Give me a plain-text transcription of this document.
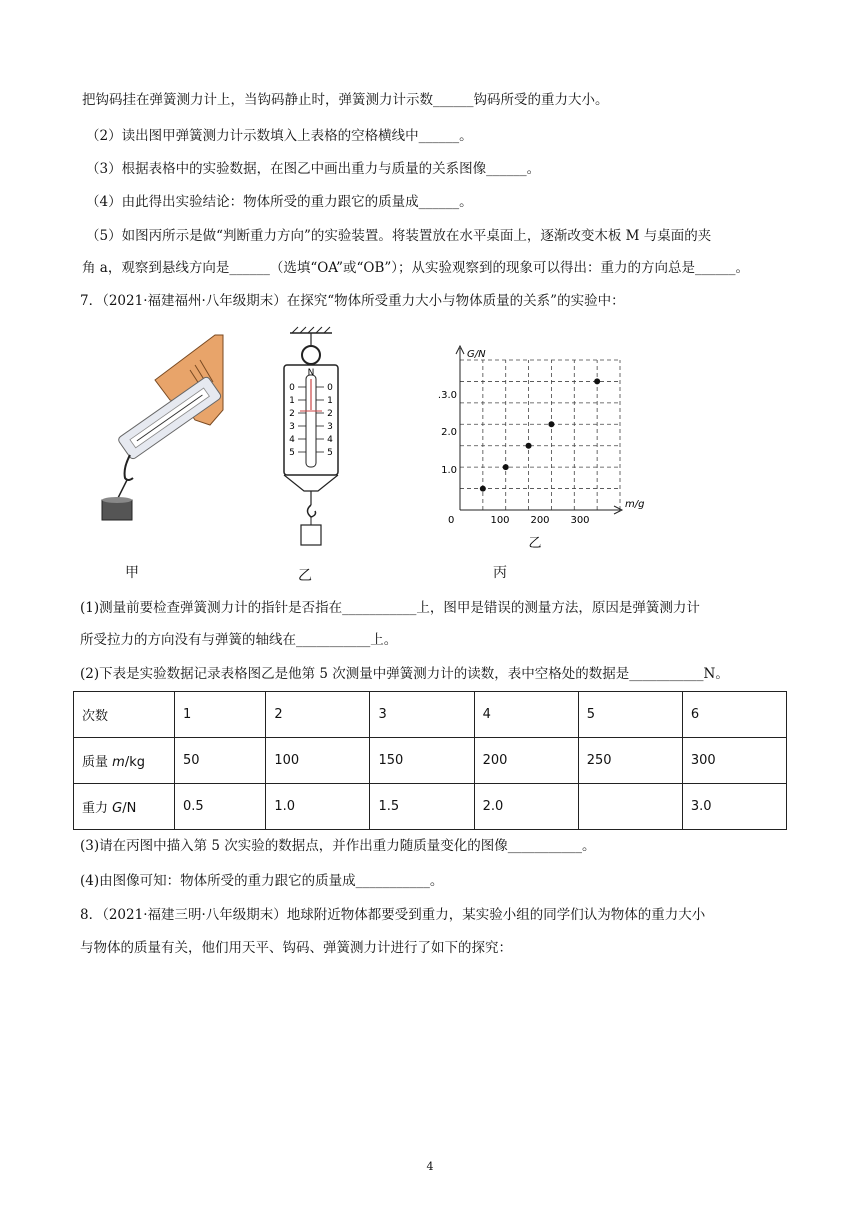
把钩码挂在弹簧测力计上，当钩码静止时，弹簧测力计示数______钩码所受的重力大小。
（2）读出图甲弹簧测力计示数填入上表格的空格横线中______。
（3）根据表格中的实验数据，在图乙中画出重力与质量的关系图像______。
（4）由此得出实验结论：物体所受的重力跟它的质量成______。
（5）如图丙所示是做“判断重力方向”的实验装置。将装置放在水平桌面上，逐渐改变木板 M 与桌面的夹
角 a，观察到悬线方向是______（选填“OA”或“OB”）；从实验观察到的现象可以得出：重力的方向总是______。
7．（2021·福建福州·八年级期末）在探究“物体所受重力大小与物体质量的关系”的实验中：
N
0
1
2
3
4
5
0
1
2
3
4
5
G/N
m/g
0	100 200 300
.3.0
2.0
1.0
乙
甲	乙	丙
(1)测量前要检查弹簧测力计的指针是否指在___________上，图甲是错误的测量方法，原因是弹簧测力计
所受拉力的方向没有与弹簧的轴线在___________上。
(2)下表是实验数据记录表格图乙是他第 5 次测量中弹簧测力计的读数，表中空格处的数据是___________N。
次数	1	2	3	4	5	6
质量 m/kg	50	100	150	200	250	300
重力 G/N	0.5	1.0	1.5	2.0		3.0
(3)请在丙图中描入第 5 次实验的数据点，并作出重力随质量变化的图像___________。
(4)由图像可知：物体所受的重力跟它的质量成___________。
8．（2021·福建三明·八年级期末）地球附近物体都要受到重力，某实验小组的同学们认为物体的重力大小
与物体的质量有关，他们用天平、钩码、弹簧测力计进行了如下的探究：
4
